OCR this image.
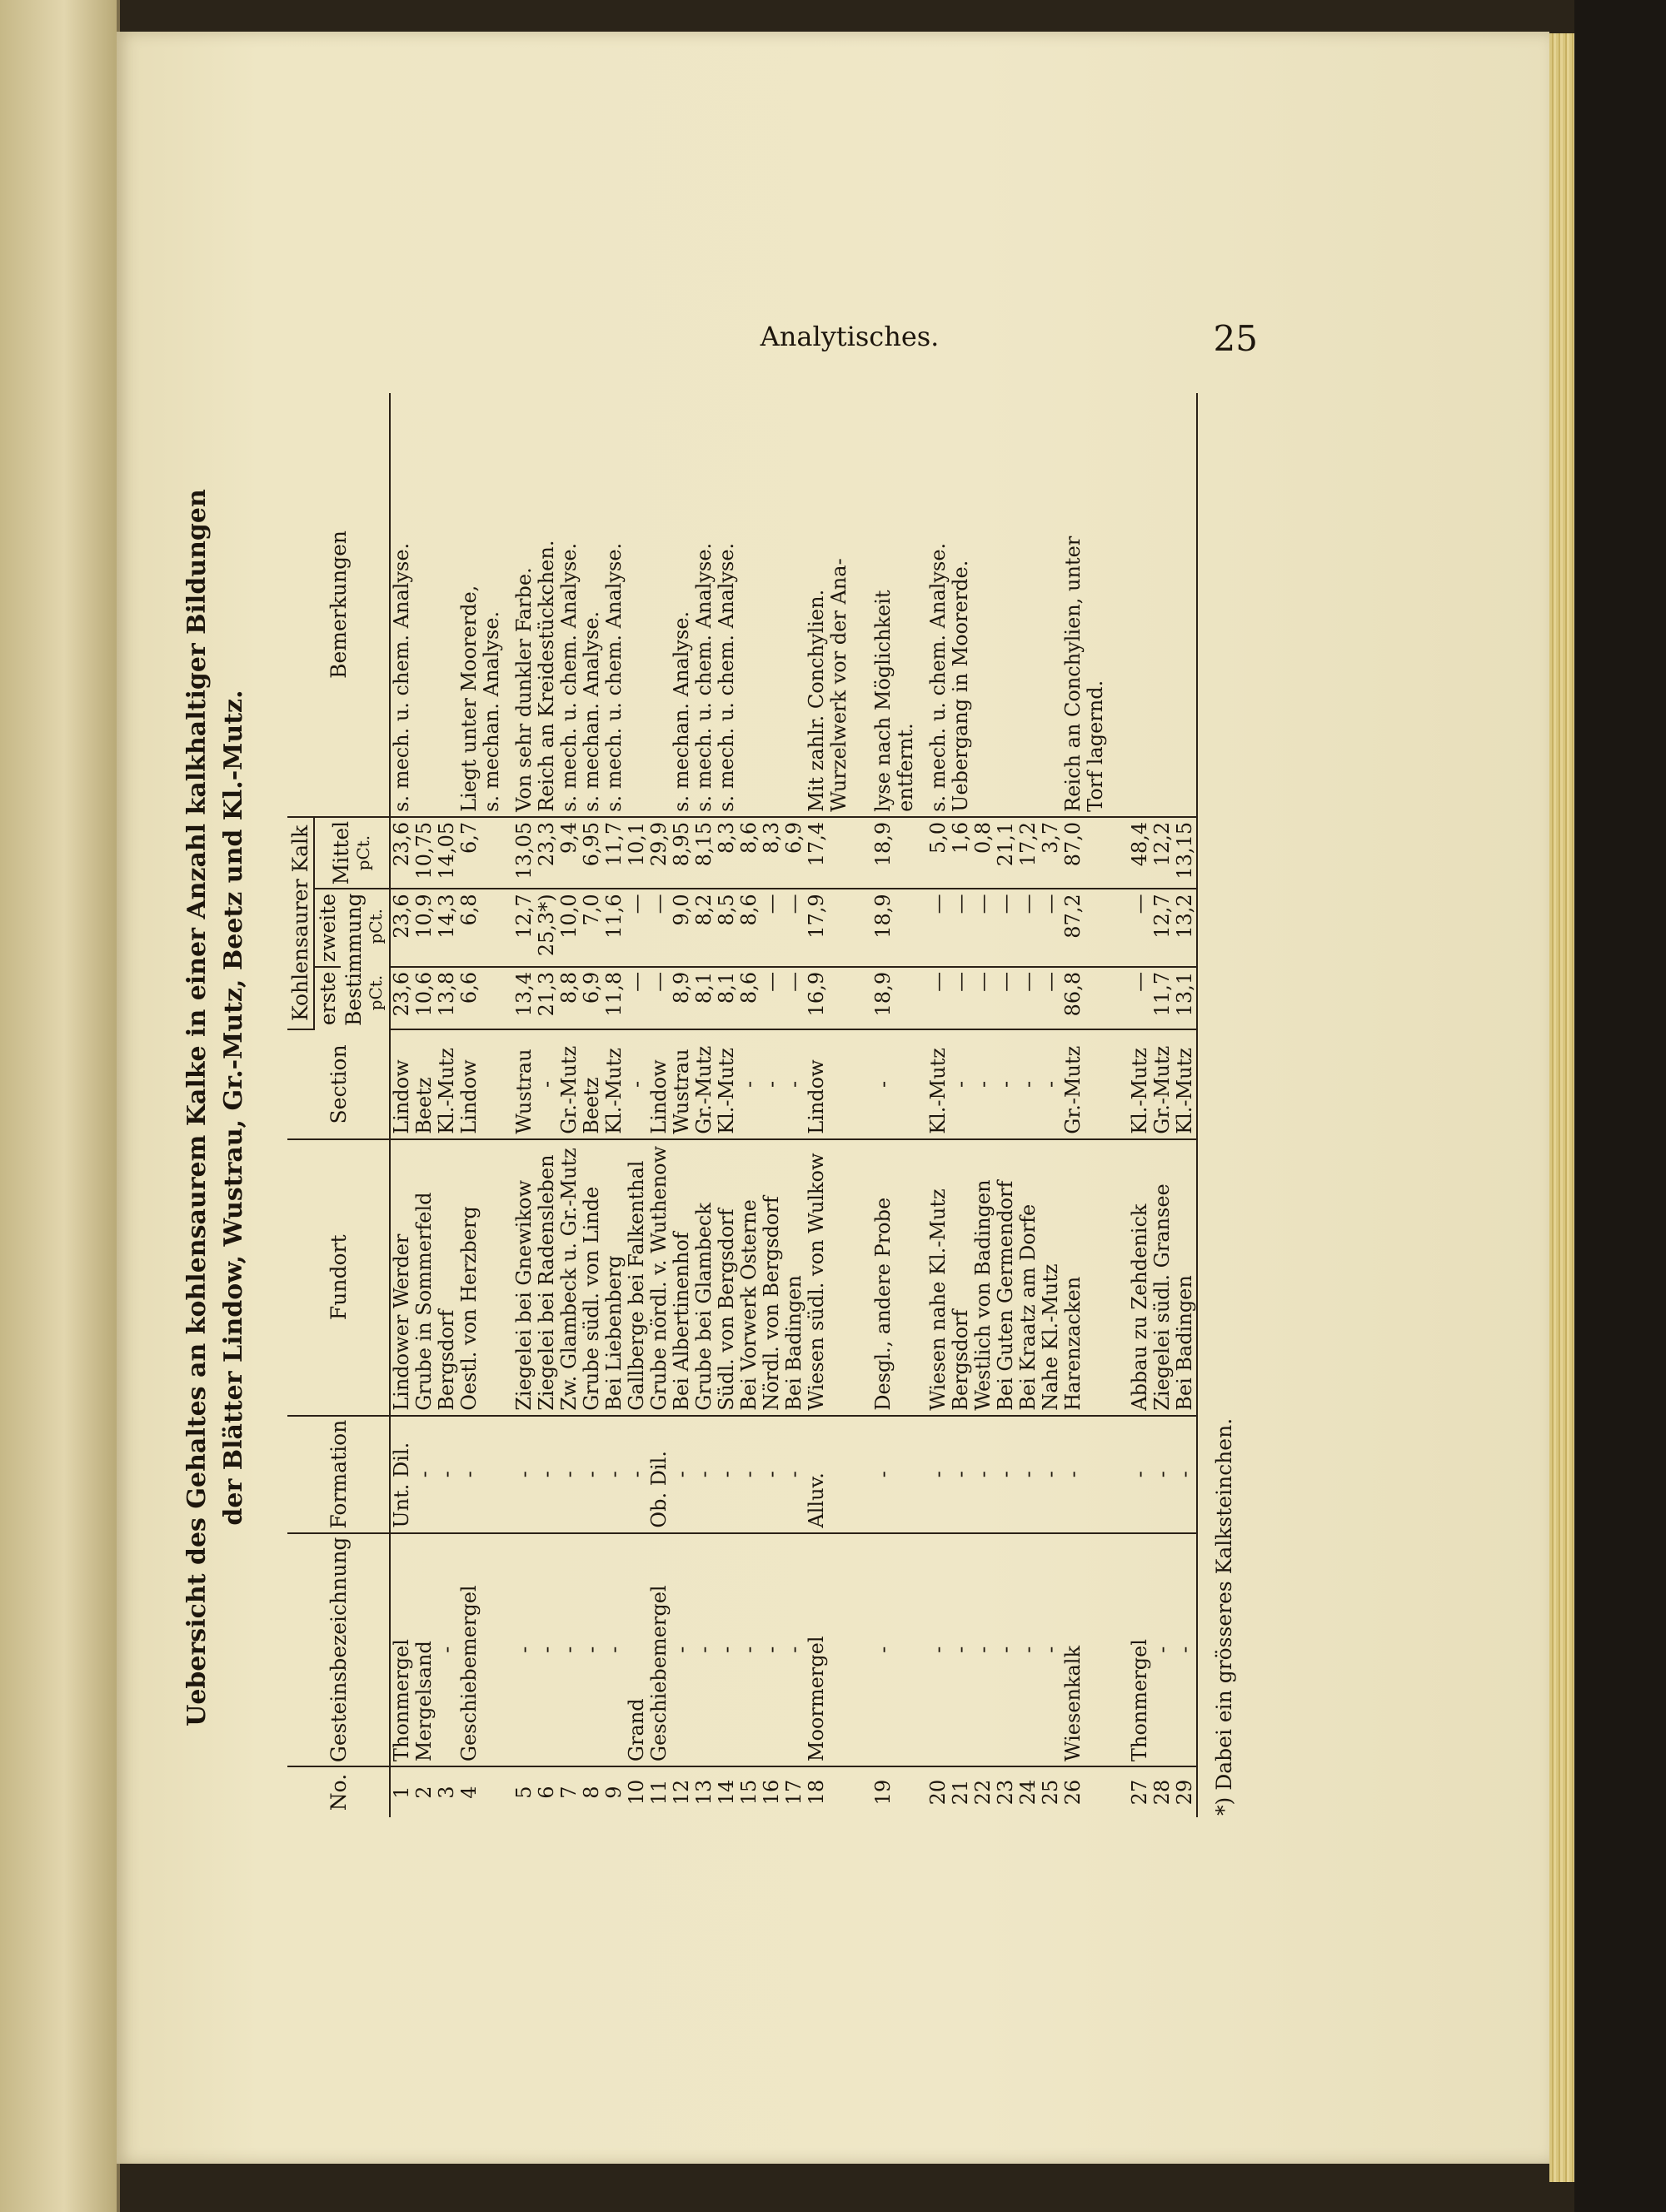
Analytisches.	25
Uebersicht des Gehaltes an kohlensaurem Kalke in einer Anzahl kalkhaltiger Bildungen der Blätter Lindow, Wustrau, Gr.-Mutz, Beetz und Kl.-Mutz.
No.	Gesteinsbezeichnung	Formation	Fundort	Section	Kohlensaurer Kalk			Bemerkungen

					erste	zweite	Mittel pCt.	

					Bestimmung pCt.
pCt.			

1	Thonmergel	Unt. Dil.	Lindower Werder	Lindow	23,6	23,6	23,6	s. mech. u. chem. Analyse.
2	Mergelsand	-	Grube in Sommerfeld	Beetz	10,6	10,9	10,75	
3	-	-	Bergsdorf	Kl.-Mutz	13,8	14,3	14,05	
4	Geschiebemergel	-	Oestl. von Herzberg	Lindow	6,6	6,8	6,7	Liegt unter Moorerde,
								s. mechan. Analyse.

5	-	-	Ziegelei bei Gnewikow	Wustrau	13,4	12,7	13,05	Von sehr dunkler Farbe.
6	-	-	Ziegelei bei Radensleben	-	21,3	25,3*)	23,3	Reich an Kreidestückchen.
7	-	-	Zw. Glambeck u. Gr.-Mutz	Gr.-Mutz	8,8	10,0	9,4	s. mech. u. chem. Analyse.
8	-	-	Grube südl. von Linde	Beetz	6,9	7,0	6,95	s. mechan. Analyse.
9	-	-	Bei Liebenberg	Kl.-Mutz	11,8	11,6	11,7	s. mech. u. chem. Analyse.
10	Grand	-	Gallberge bei Falkenthal	-	—	—	10,1	
11	Geschiebemergel	Ob. Dil.	Grube nördl. v. Wuthenow	Lindow	—	—	29,9	
12	-	-	Bei Albertinenhof	Wustrau	8,9	9,0	8,95	s. mechan. Analyse.
13	-	-	Grube bei Glambeck	Gr.-Mutz	8,1	8,2	8,15	s. mech. u. chem. Analyse.
14	-	-	Südl. von Bergsdorf	Kl.-Mutz	8,1	8,5	8,3	s. mech. u. chem. Analyse.
15	-	-	Bei Vorwerk Osterne	-	8,6	8,6	8,6	
16	-	-	Nördl. von Bergsdorf	-	—	—	8,3	
17	-	-	Bei Badingen	-	—	—	6,9	
18	Moormergel	Alluv.	Wiesen südl. von Wulkow	Lindow	16,9	17,9	17,4	Mit zahlr. Conchylien.
								Wurzelwerk vor der Ana-

19	-	-	Desgl., andere Probe	-	18,9	18,9	18,9	lyse nach Möglichkeit
								entfernt.

20	-	-	Wiesen nahe Kl.-Mutz	Kl.-Mutz	—	—	5,0	s. mech. u. chem. Analyse.
21	-	-	Bergsdorf	-	—	—	1,6	Uebergang in Moorerde.
22	-	-	Westlich von Badingen	-	—	—	0,8	
23	-	-	Bei Guten Germendorf	-	—	—	21,1	
24	-	-	Bei Kraatz am Dorfe	-	—	—	17,2	
25	-	-	Nahe Kl.-Mutz	-	—	—	3,7	
26	Wiesenkalk	-	Harenzacken	Gr.-Mutz	86,8	87,2	87,0	Reich an Conchylien, unter
								Torf lagernd.

27	Thonmergel	-	Abbau zu Zehdenick	Kl.-Mutz	—	—	48,4	
28	-	-	Ziegelei südl. Gransee	Gr.-Mutz	11,7	12,7	12,2	
29	-	-	Bei Badingen	Kl.-Mutz	13,1	13,2	13,15	
*) Dabei ein grösseres Kalksteinchen.
